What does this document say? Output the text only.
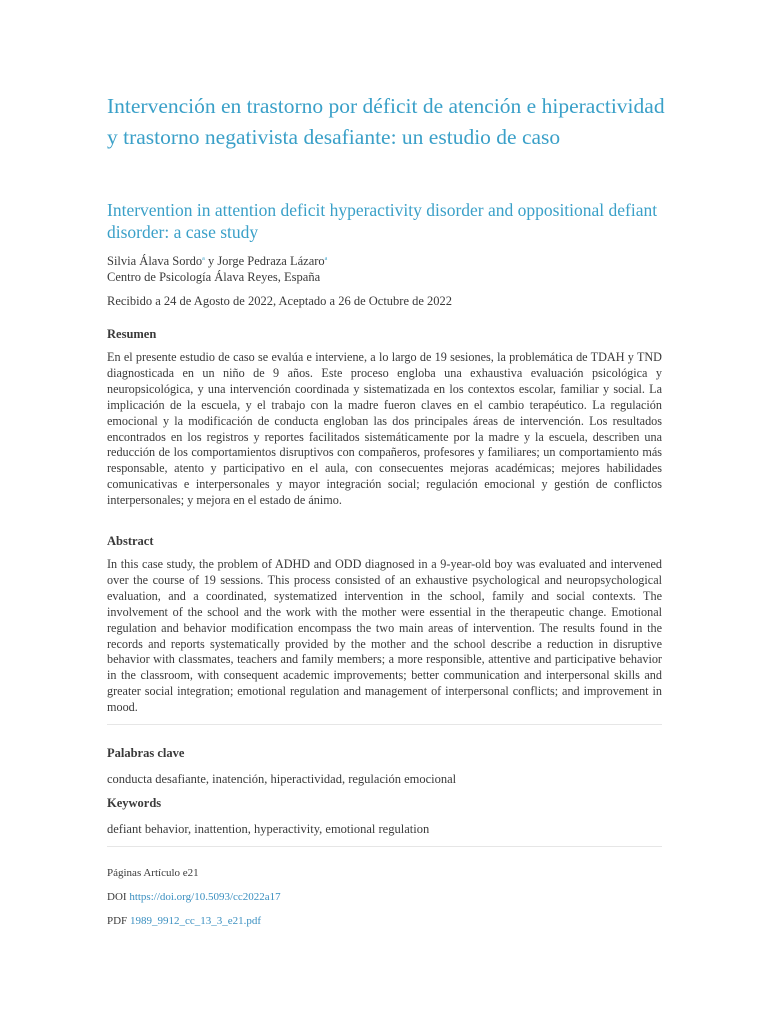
Intervención en trastorno por déficit de atención e hiperactividad y trastorno negativista desafiante: un estudio de caso
Intervention in attention deficit hyperactivity disorder and oppositional defiant disorder: a case study
Silvia Álava Sordo$^a$ y Jorge Pedraza Lázaro$^a$
Centro de Psicología Álava Reyes, España
Recibido a 24 de Agosto de 2022, Aceptado a 26 de Octubre de 2022
Resumen

En el presente estudio de caso se evalúa e interviene, a lo largo de 19 sesiones, la problemática de TDAH y TND diagnosticada en un niño de 9 años. Este proceso engloba una exhaustiva evaluación psicológica y neuropsicológica, y una intervención coordinada y sistematizada en los contextos escolar, familiar y social. La implicación de la escuela, y el trabajo con la madre fueron claves en el cambio terapéutico. La regulación emocional y la modificación de conducta engloban las dos principales áreas de intervención. Los resultados encontrados en los registros y reportes facilitados sistemáticamente por la madre y la escuela, describen una reducción de los comportamientos disruptivos con compañeros, profesores y familiares; un comportamiento más responsable, atento y participativo en el aula, con consecuentes mejoras académicas; mejores habilidades comunicativas e interpersonales y mayor integración social; regulación emocional y gestión de conflictos interpersonales; y mejora en el estado de ánimo.

Abstract

In this case study, the problem of ADHD and ODD diagnosed in a 9-year-old boy was evaluated and intervened over the course of 19 sessions. This process consisted of an exhaustive psychological and neuropsychological evaluation, and a coordinated, systematized intervention in the school, family and social contexts. The involvement of the school and the work with the mother were essential in the therapeutic change. Emotional regulation and behavior modification encompass the two main areas of intervention. The results found in the records and reports systematically provided by the mother and the school describe a reduction in disruptive behavior with classmates, teachers and family members; a more responsible, attentive and participative behavior in the classroom, with consequent academic improvements; better communication and interpersonal skills and greater social integration; emotional regulation and management of interpersonal conflicts; and improvement in mood.

Palabras clave
conducta desafiante, inatención, hiperactividad, regulación emocional
Keywords
defiant behavior, inattention, hyperactivity, emotional regulation
Páginas Artículo e21
DOI https://doi.org/10.5093/cc2022a17
PDF 1989_9912_cc_13_3_e21.pdf
